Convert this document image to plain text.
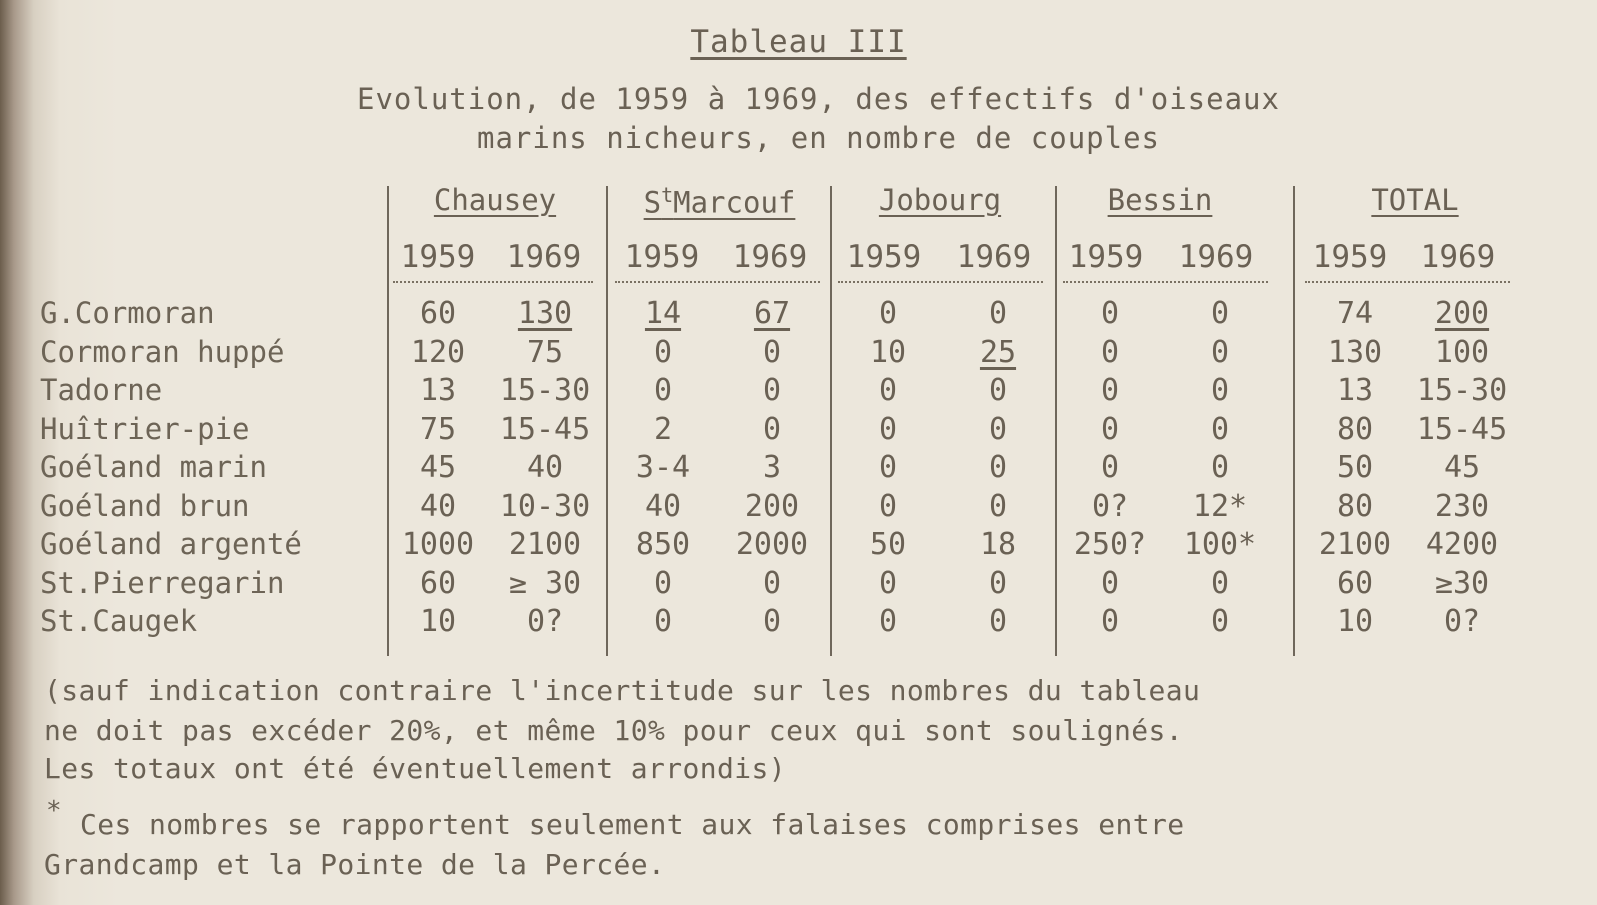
Tableau III
Evolution, de 1959 à 1969, des effectifs d'oiseaux
marins nicheurs, en nombre de couples
Chausey	$S^tMarcouf$	Jobourg	Bessin	TOTAL
1959	1969	1959	1969	1959	1969	1959	1969	1959	1969
G.Cormoran	60	130	14	67	0	0	0	0	74	200
Cormoran huppé	120	75	0	0	10	25	0	0	130	100
Tadorne	13	15-30	0	0	0	0	0	0	13	15-30
Huîtrier-pie	75	15-45	2	0	0	0	0	0	80	15-45
Goéland marin	45	40	3-4	3	0	0	0	0	50	45
Goéland brun	40	10-30	40	200	0	0	0?	12*	80	230
Goéland argenté	1000	2100	850	2000	50	18	250?	100*	2100	4200
St.Pierregarin	60	≥ 30	0	0	0	0	0	0	60	≥30
St.Caugek	10	0?	0	0	0	0	0	0	10	0?
(sauf indication contraire l'incertitude sur les nombres du tableau
ne doit pas excéder 20%, et même 10% pour ceux qui sont soulignés.
Les totaux ont été éventuellement arrondis)
* Ces nombres se rapportent seulement aux falaises comprises entre
Grandcamp et la Pointe de la Percée.
